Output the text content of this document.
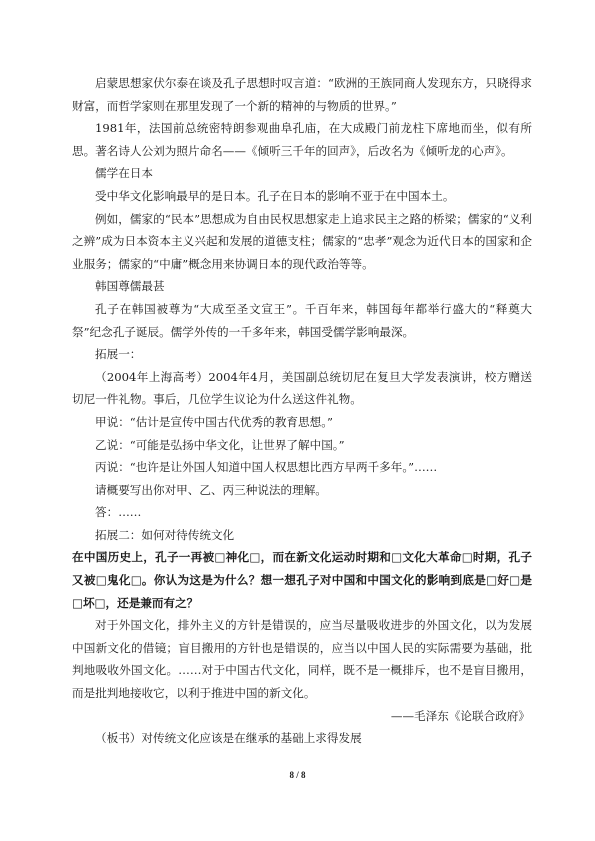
启蒙思想家伏尔泰在谈及孔子思想时叹言道：“欧洲的王族同商人发现东方，只晓得求财富，而哲学家则在那里发现了一个新的精神的与物质的世界。”

1981年，法国前总统密特朗参观曲阜孔庙，在大成殿门前龙柱下席地而坐，似有所思。著名诗人公刘为照片命名——《倾听三千年的回声》，后改名为《倾听龙的心声》。

儒学在日本

受中华文化影响最早的是日本。孔子在日本的影响不亚于在中国本土。

例如，儒家的“民本”思想成为自由民权思想家走上追求民主之路的桥梁；儒家的“义利之辨”成为日本资本主义兴起和发展的道德支柱；儒家的“忠孝”观念为近代日本的国家和企业服务；儒家的“中庸”概念用来协调日本的现代政治等等。

韩国尊儒最甚

孔子在韩国被尊为“大成至圣文宣王”。千百年来，韩国每年都举行盛大的“释奠大祭”纪念孔子诞辰。儒学外传的一千多年来，韩国受儒学影响最深。

拓展一：

（2004年上海高考）2004年4月，美国副总统切尼在复旦大学发表演讲，校方赠送切尼一件礼物。事后，几位学生议论为什么送这件礼物。

甲说：“估计是宣传中国古代优秀的教育思想。”

乙说：“可能是弘扬中华文化，让世界了解中国。”

丙说：“也许是让外国人知道中国人权思想比西方早两千多年。”……

请概要写出你对甲、乙、丙三种说法的理解。

答：……

拓展二：如何对待传统文化

在中国历史上，孔子一再被□神化□，而在新文化运动时期和□文化大革命□时期，孔子又被□鬼化□。你认为这是为什么？想一想孔子对中国和中国文化的影响到底是□好□是□坏□，还是兼而有之？

对于外国文化，排外主义的方针是错误的，应当尽量吸收进步的外国文化，以为发展中国新文化的借镜；盲目搬用的方针也是错误的，应当以中国人民的实际需要为基础，批判地吸收外国文化。……对于中国古代文化，同样，既不是一概排斥，也不是盲目搬用，而是批判地接收它，以利于推进中国的新文化。

——毛泽东《论联合政府》

（板书）对传统文化应该是在继承的基础上求得发展

8 / 8
